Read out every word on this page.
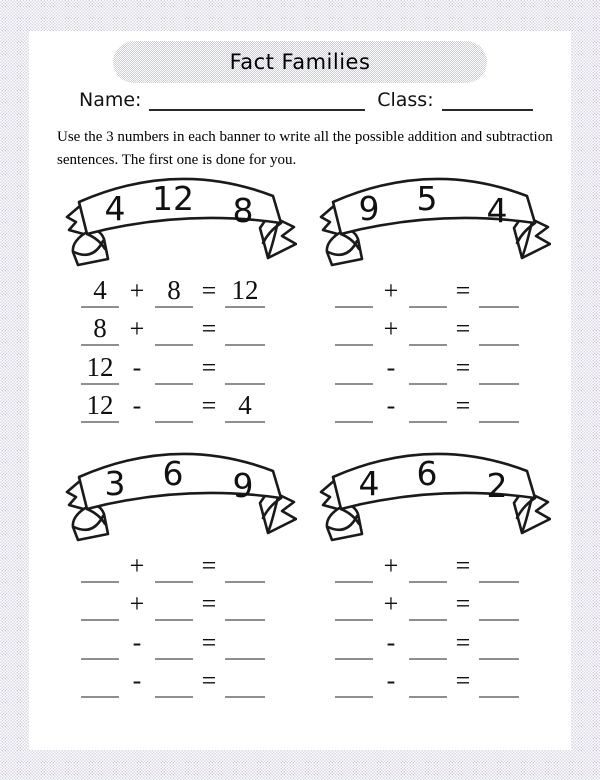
Fact Families
Name:	Class:

Use the 3 numbers in each banner to write all the possible addition and subtraction
sentences. The first one is done for you.

4 12	8
4 + 8 = 12
8 +	=
12 -	=
12 -	= 4
9	5	4
+	=
+	=
-	=
-	=
3	6	9
+	=
+	=
-	=
-	=
4	6	2
+	=
+	=
-	=
-	=
